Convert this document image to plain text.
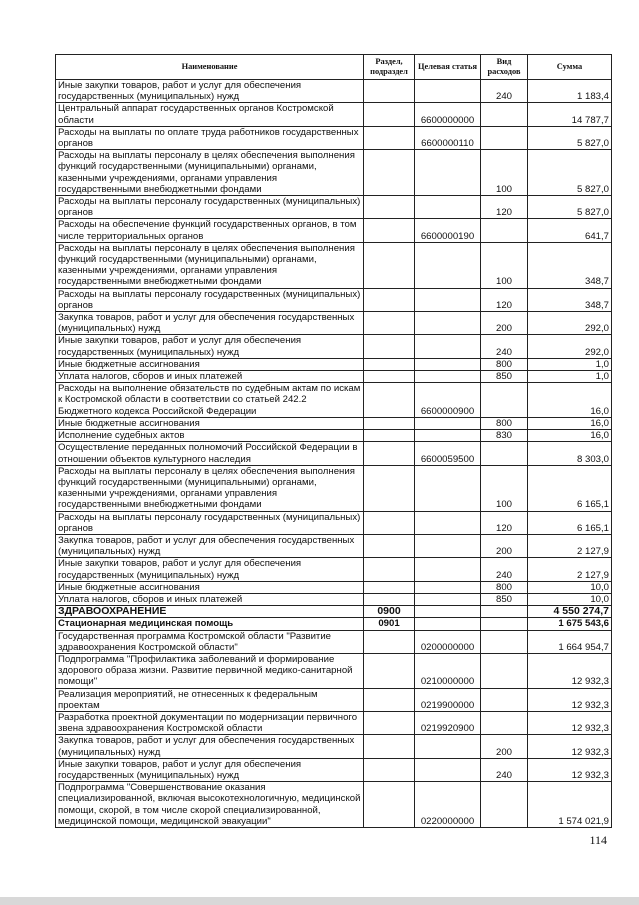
Наименование	Раздел, подраздел	Целевая статья	Вид расходов	Сумма
Иные закупки товаров, работ и услуг для обеспечения государственных (муниципальных) нужд			240	1 183,4
Центральный аппарат государственных органов Костромской области		6600000000		14 787,7
Расходы на выплаты по оплате труда работников государственных органов		6600000110		5 827,0
Расходы на выплаты персоналу в целях обеспечения выполнения функций государственными (муниципальными) органами, казенными учреждениями, органами управления государственными внебюджетными фондами			100	5 827,0
Расходы на выплаты персоналу государственных (муниципальных) органов			120	5 827,0
Расходы на обеспечение функций государственных органов, в том числе территориальных органов		6600000190		641,7
Расходы на выплаты персоналу в целях обеспечения выполнения функций государственными (муниципальными) органами, казенными учреждениями, органами управления государственными внебюджетными фондами			100	348,7
Расходы на выплаты персоналу государственных (муниципальных) органов			120	348,7
Закупка товаров, работ и услуг для обеспечения государственных (муниципальных) нужд			200	292,0
Иные закупки товаров, работ и услуг для обеспечения государственных (муниципальных) нужд			240	292,0
Иные бюджетные ассигнования			800	1,0
Уплата налогов, сборов и иных платежей			850	1,0
Расходы на выполнение обязательств по судебным актам по искам к Костромской области в соответствии со статьей 242.2 Бюджетного кодекса Российской Федерации		6600000900		16,0
Иные бюджетные ассигнования			800	16,0
Исполнение судебных актов			830	16,0
Осуществление переданных полномочий Российской Федерации в отношении объектов культурного наследия		6600059500		8 303,0
Расходы на выплаты персоналу в целях обеспечения выполнения функций государственными (муниципальными) органами, казенными учреждениями, органами управления государственными внебюджетными фондами			100	6 165,1
Расходы на выплаты персоналу государственных (муниципальных) органов			120	6 165,1
Закупка товаров, работ и услуг для обеспечения государственных (муниципальных) нужд			200	2 127,9
Иные закупки товаров, работ и услуг для обеспечения государственных (муниципальных) нужд			240	2 127,9
Иные бюджетные ассигнования			800	10,0
Уплата налогов, сборов и иных платежей			850	10,0
ЗДРАВООХРАНЕНИЕ	0900			4 550 274,7
Стационарная медицинская помощь	0901			1 675 543,6
Государственная программа Костромской области "Развитие здравоохранения Костромской области"		0200000000		1 664 954,7
Подпрограмма "Профилактика заболеваний и формирование здорового образа жизни. Развитие первичной медико-санитарной помощи"		0210000000		12 932,3
Реализация мероприятий, не отнесенных к федеральным проектам		0219900000		12 932,3
Разработка проектной документации по модернизации первичного звена здравоохранения Костромской области		0219920900		12 932,3
Закупка товаров, работ и услуг для обеспечения государственных (муниципальных) нужд			200	12 932,3
Иные закупки товаров, работ и услуг для обеспечения государственных (муниципальных) нужд			240	12 932,3
Подпрограмма "Совершенствование оказания специализированной, включая высокотехнологичную, медицинской помощи, скорой, в том числе скорой специализированной, медицинской помощи, медицинской эвакуации"		0220000000		1 574 021,9
114
